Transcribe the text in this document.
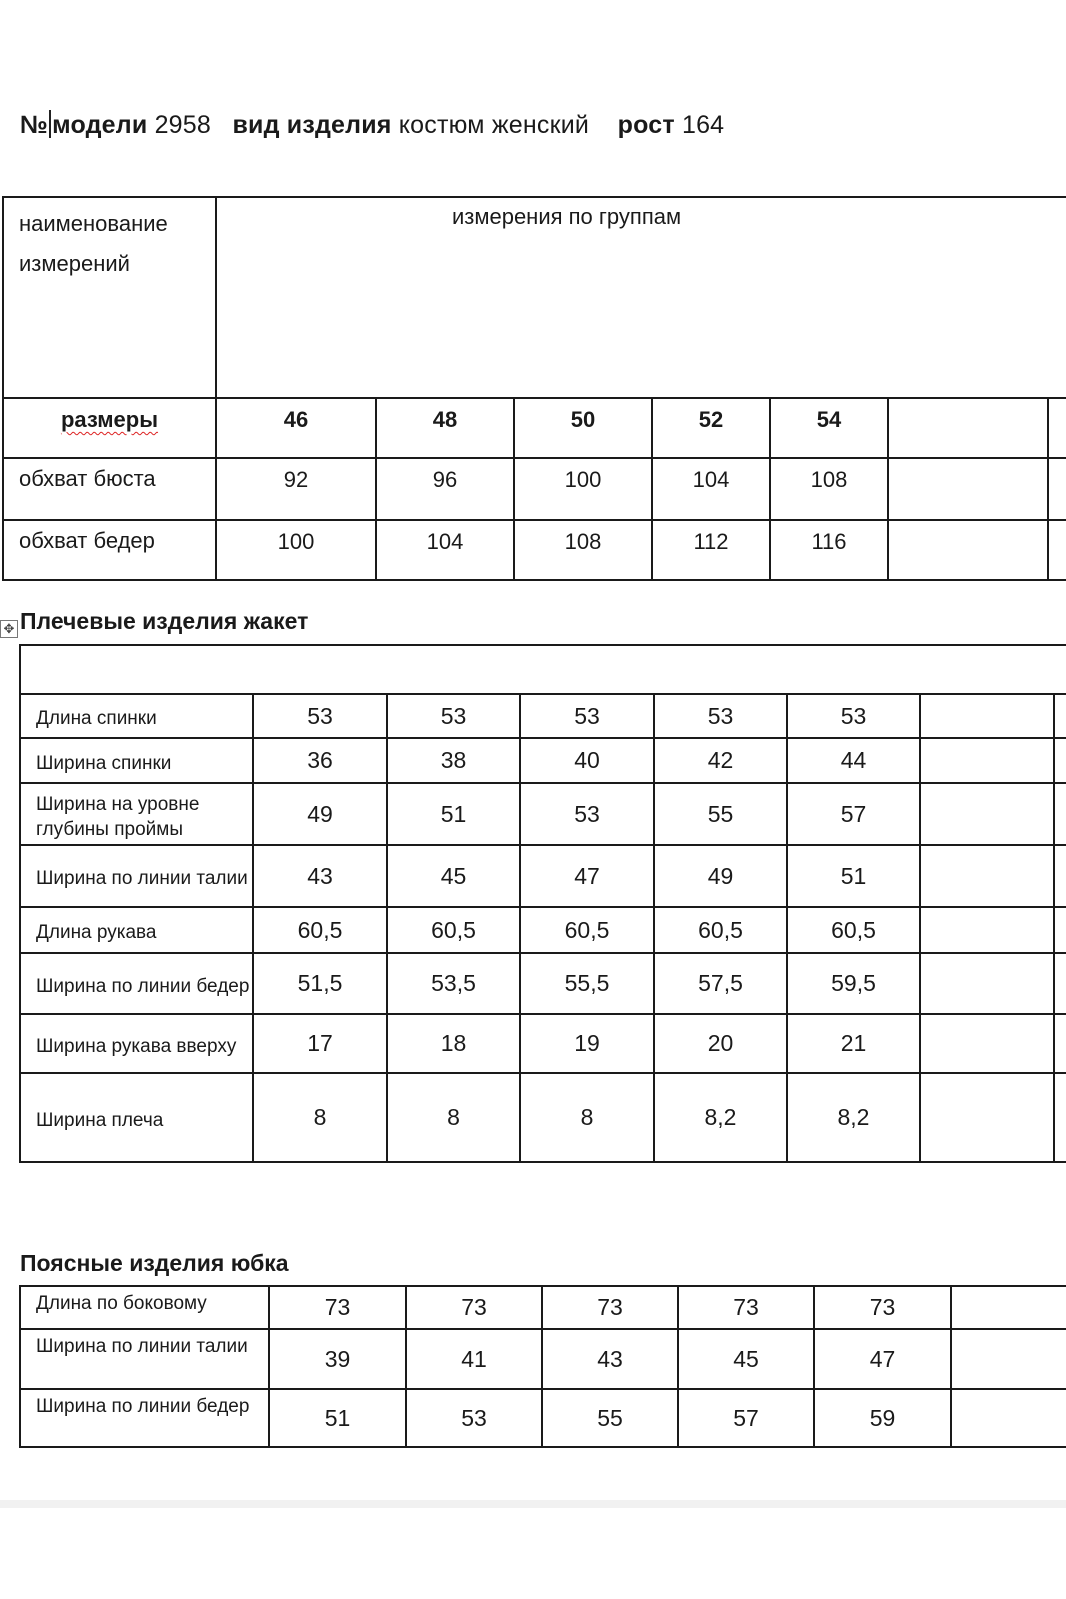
№ модели 2958 вид изделия костюм женский рост 164
наименование измерений	измерения по группам						

размеры	46	48	50	52	54		
обхват бюста	92	96	100	104	108		
обхват бедер	100	104	108	112	116		
✥ Плечевые изделия жакет

Длина спинки	53	53	53	53	53		
Ширина спинки	36	38	40	42	44		
Ширина на уровне глубины проймы	49	51	53	55	57		
Ширина по линии талии	43	45	47	49	51		
Длина рукава	60,5	60,5	60,5	60,5	60,5		
Ширина по линии бедер	51,5	53,5	55,5	57,5	59,5		
Ширина рукава вверху	17	18	19	20	21		
Ширина плеча	8	8	8	8,2	8,2		
Поясные изделия юбка
Длина по боковому	73	73	73	73	73	
Ширина по линии талии	39	41	43	45	47	
Ширина по линии бедер	51	53	55	57	59	
